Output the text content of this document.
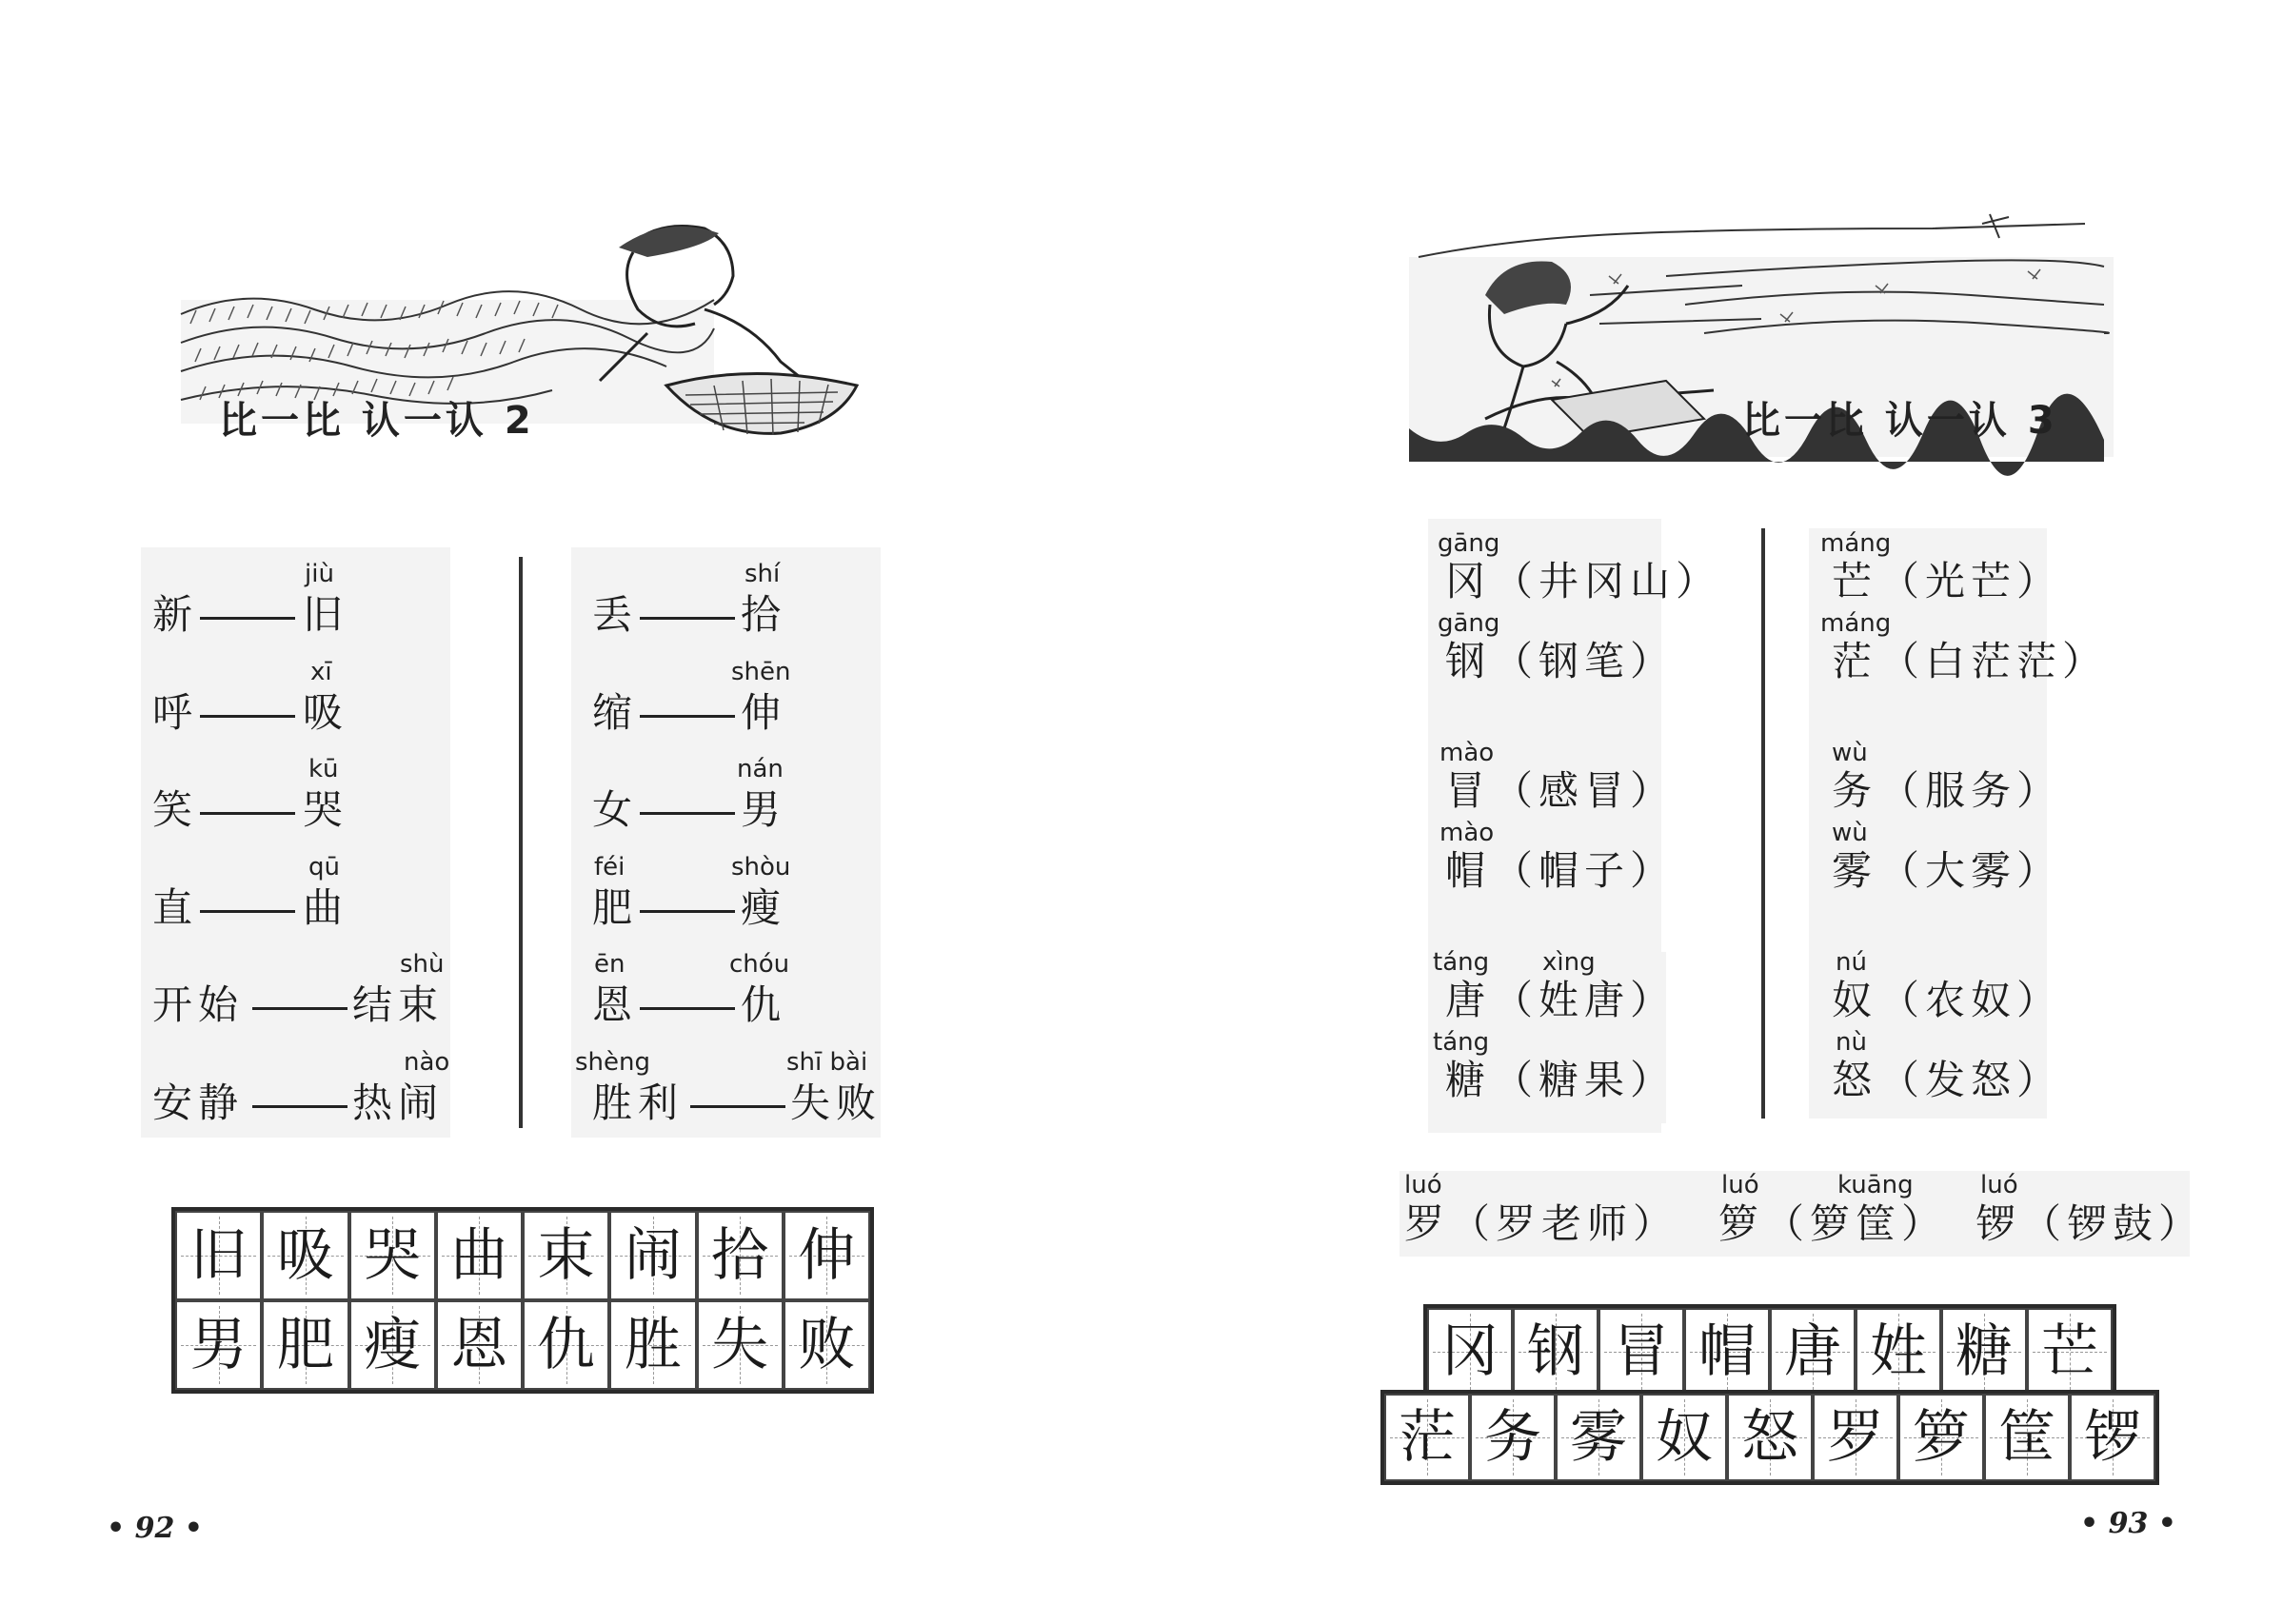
比一比 认一认 2
jiù
新	旧
xī
呼	吸
kū
笑	哭
qū
直	曲
shù
开始	结束
nào
安静	热闹
shí
丢	拾
shēn
缩	伸
nán
女	男
féi	shòu
肥	瘦
ēn	chóu
恩	仇
shèng	shī bài
胜利	失败
旧 吸 哭 曲 束 闹 拾 伸
男 肥 瘦 恩 仇 胜 失 败
• 92 •
比一比 认一认 3
gāng
冈 （井冈山）
gāng
钢 （钢笔）
mào
冒 （感冒）
mào
帽 （帽子）
táng xìng
唐 （姓唐）
táng
糖 （糖果）
máng
芒 （光芒）
máng
茫 （白茫茫）
wù
务 （服务）
wù
雾 （大雾）
nú
奴 （农奴）
nù
怒 （发怒）
luó
罗（罗老师）
luó	kuāng
箩（箩筐）
luó
锣（锣鼓）
冈 钢 冒 帽 唐 姓 糖 芒
茫 务 雾 奴 怒 罗 箩 筐 锣
• 93 •
